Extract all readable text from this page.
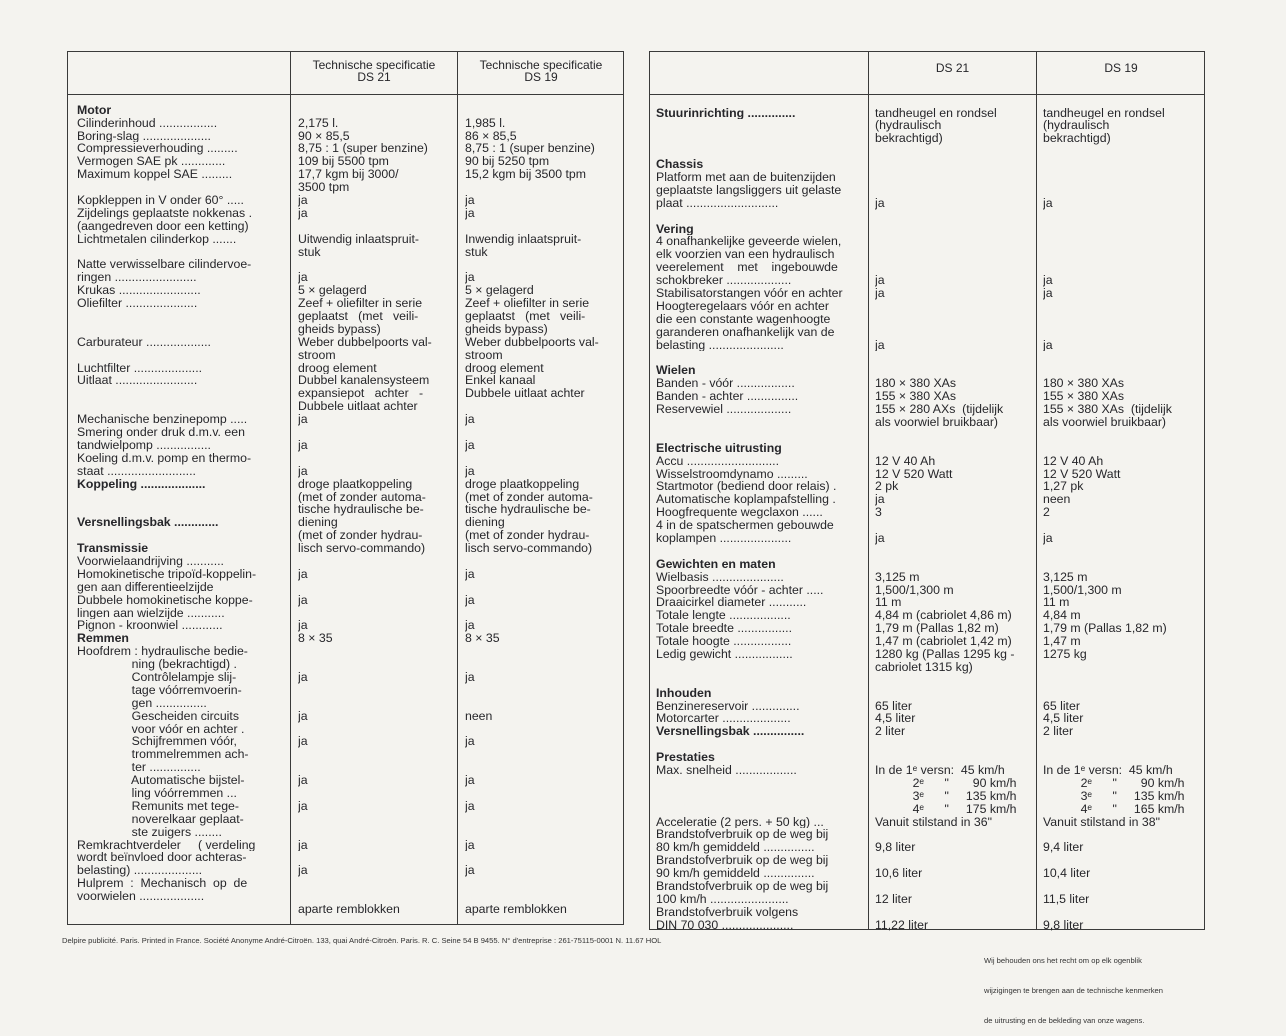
Technische specificatie
DS 21
Technische specificatie
DS 19
DS 21	DS 19
Motor
Cilinderinhoud .................
Boring-slag ....................
Compressieverhouding .........
Vermogen SAE pk .............
Maximum koppel SAE .........
Kopkleppen in V onder 60° .....
Zijdelings geplaatste nokkenas .
(aangedreven door een ketting)
Lichtmetalen cilinderkop .......
Natte verwisselbare cilindervoe-
ringen ........................
Krukas ........................
Oliefilter .....................
Carburateur ...................
Luchtfilter ....................
Uitlaat ........................
Mechanische benzinepomp .....
Smering onder druk d.m.v. een
tandwielpomp ................
Koeling d.m.v. pomp en thermo-
staat ..........................
Koppeling ...................
Versnellingsbak .............
Transmissie
Voorwielaandrijving ...........
Homokinetische tripoïd-koppelin-
gen aan differentieelzijde
Dubbele homokinetische koppe-
lingen aan wielzijde ...........
Pignon - kroonwiel ............
Remmen
Hoofdrem : hydraulische bedie-
ning (bekrachtigd) .
Contrôlelampje slij-
tage vóórremvoerin-
gen ...............
Gescheiden circuits
voor vóór en achter .
Schijfremmen vóór,
trommelremmen ach-
ter ...............
Automatische bijstel-
ling vóórremmen ...
Remunits met tege-
noverelkaar geplaat-
ste zuigers ........
Remkrachtverdeler     ( verdeling
wordt beïnvloed door achteras-
belasting) ....................
Hulprem  :  Mechanisch  op  de
voorwielen ...................
2,175 l.
90 × 85,5
8,75 : 1 (super benzine)
109 bij 5500 tpm
17,7 kgm bij 3000/
3500 tpm
ja
ja
Uitwendig inlaatspruit-
stuk
ja
5 × gelagerd
Zeef + oliefilter in serie
geplaatst   (met   veili-
gheids bypass)
Weber dubbelpoorts val-
stroom
droog element
Dubbel kanalensysteem
expansiepot   achter   -
Dubbele uitlaat achter
ja
ja
ja
droge plaatkoppeling
(met of zonder automa-
tische hydraulische be-
diening
(met of zonder hydrau-
lisch servo-commando)
ja
ja
ja
8 × 35
ja
ja
ja
ja
ja
ja
ja
aparte remblokken
1,985 l.
86 × 85,5
8,75 : 1 (super benzine)
90 bij 5250 tpm
15,2 kgm bij 3500 tpm
ja
ja
Inwendig inlaatspruit-
stuk
ja
5 × gelagerd
Zeef + oliefilter in serie
geplaatst   (met   veili-
gheids bypass)
Weber dubbelpoorts val-
stroom
droog element
Enkel kanaal
Dubbele uitlaat achter
ja
ja
ja
droge plaatkoppeling
(met of zonder automa-
tische hydraulische be-
diening
(met of zonder hydrau-
lisch servo-commando)
ja
ja
ja
8 × 35
ja
neen
ja
ja
ja
ja
ja
aparte remblokken
Stuurinrichting ..............
Chassis
Platform met aan de buitenzijden
geplaatste langsliggers uit gelaste
plaat ...........................
Vering
4 onafhankelijke geveerde wielen,
elk voorzien van een hydraulisch
veerelement    met    ingebouwde
schokbreker ...................
Stabilisatorstangen vóór en achter
Hoogteregelaars vóór en achter
die een constante wagenhoogte
garanderen onafhankelijk van de
belasting ......................
Wielen
Banden - vóór .................
Banden - achter ...............
Reservewiel ...................
Electrische uitrusting
Accu ...........................
Wisselstroomdynamo .........
Startmotor (bediend door relais) .
Automatische koplampafstelling .
Hoogfrequente wegclaxon ......
4 in de spatschermen gebouwde
koplampen .....................
Gewichten en maten
Wielbasis .....................
Spoorbreedte vóór - achter .....
Draaicirkel diameter ...........
Totale lengte ..................
Totale breedte ................
Totale hoogte .................
Ledig gewicht .................
Inhouden
Benzinereservoir ..............
Motorcarter ....................
Versnellingsbak ...............
Prestaties
Max. snelheid ..................
Acceleratie (2 pers. + 50 kg) ...
Brandstofverbruik op de weg bij
80 km/h gemiddeld ...............
Brandstofverbruik op de weg bij
90 km/h gemiddeld ...............
Brandstofverbruik op de weg bij
100 km/h .......................
Brandstofverbruik volgens
DIN 70 030 .....................
tandheugel en rondsel
(hydraulisch
bekrachtigd)
ja
ja
ja
ja
180 × 380 XAs
155 × 380 XAs
155 × 280 AXs  (tijdelijk
als voorwiel bruikbaar)
12 V 40 Ah
12 V 520 Watt
2 pk
ja
3
ja
3,125 m
1,500/1,300 m
11 m
4,84 m (cabriolet 4,86 m)
1,79 m (Pallas 1,82 m)
1,47 m (cabriolet 1,42 m)
1280 kg (Pallas 1295 kg -
cabriolet 1315 kg)
65 liter
4,5 liter
2 liter
In de 1ᵉ versn:  45 km/h
2ᵉ      "       90 km/h
3ᵉ      "     135 km/h
4ᵉ      "     175 km/h
Vanuit stilstand in 36"
9,8 liter
10,6 liter
12 liter
11,22 liter
tandheugel en rondsel
(hydraulisch
bekrachtigd)
ja
ja
ja
ja
180 × 380 XAs
155 × 380 XAs
155 × 380 XAs  (tijdelijk
als voorwiel bruikbaar)
12 V 40 Ah
12 V 520 Watt
1,27 pk
neen
2
ja
3,125 m
1,500/1,300 m
11 m
4,84 m
1,79 m (Pallas 1,82 m)
1,47 m
1275 kg
65 liter
4,5 liter
2 liter
In de 1ᵉ versn:  45 km/h
2ᵉ      "       90 km/h
3ᵉ      "     135 km/h
4ᵉ      "     165 km/h
Vanuit stilstand in 38"
9,4 liter
10,4 liter
11,5 liter
9,8 liter
Delpire publicité. Paris. Printed in France. Société Anonyme André-Citroën. 133, quai André-Citroën. Paris. R. C. Seine 54 B 9455. N° d'entreprise : 261-75115-0001 N. 11.67 HOL

Wij behouden ons het recht om op elk ogenblik

wijzigingen te brengen aan de technische kenmerken

de uitrusting en de bekleding van onze wagens.
